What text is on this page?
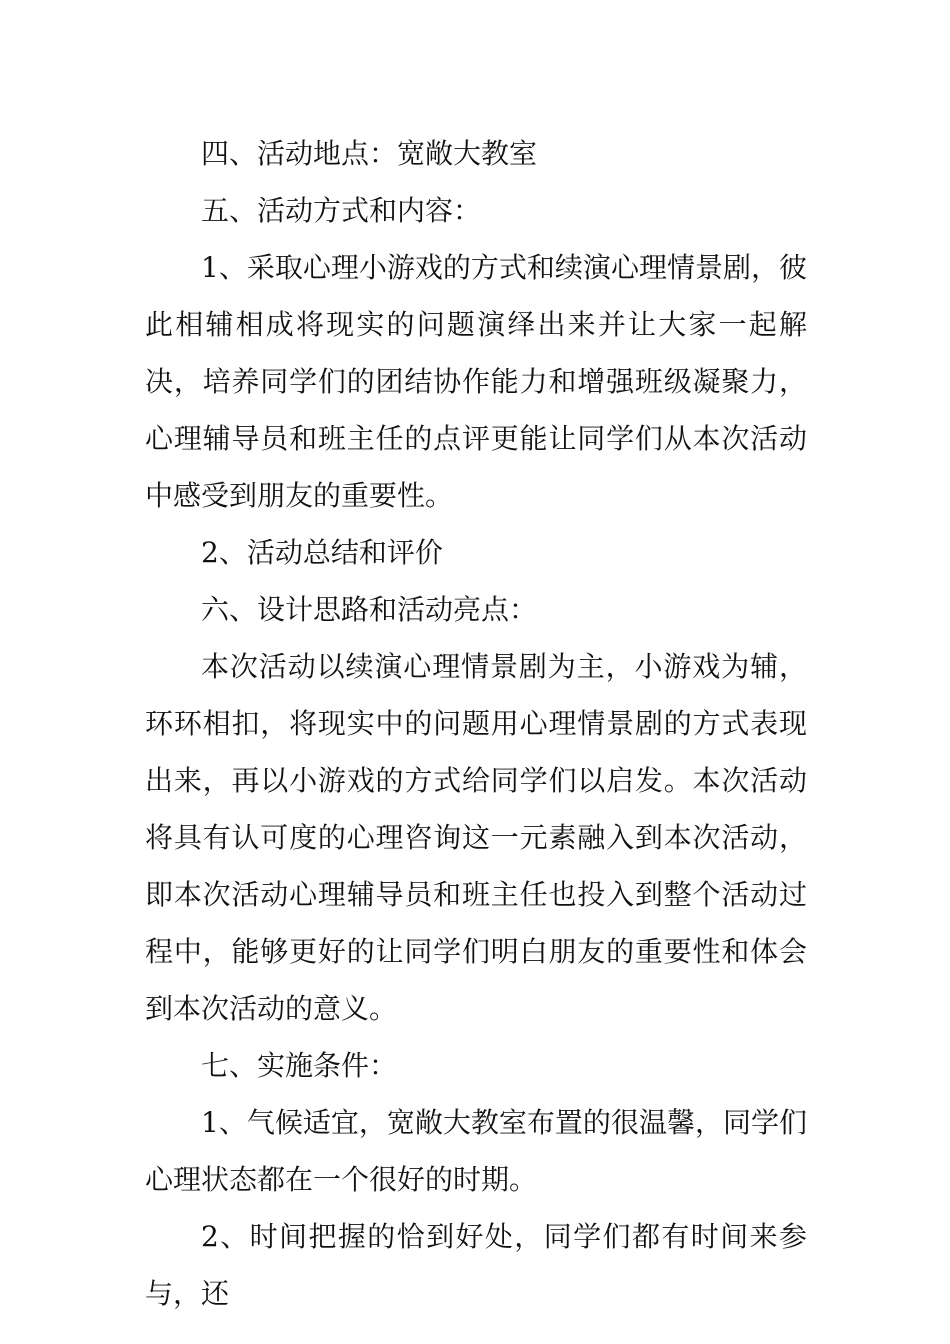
四、活动地点：宽敞大教室

五、活动方式和内容：

1、采取心理小游戏的方式和续演心理情景剧，彼此相辅相成将现实的问题演绎出来并让大家一起解决，培养同学们的团结协作能力和增强班级凝聚力，心理辅导员和班主任的点评更能让同学们从本次活动中感受到朋友的重要性。

2、活动总结和评价

六、设计思路和活动亮点：

本次活动以续演心理情景剧为主，小游戏为辅，环环相扣，将现实中的问题用心理情景剧的方式表现出来，再以小游戏的方式给同学们以启发。本次活动将具有认可度的心理咨询这一元素融入到本次活动，即本次活动心理辅导员和班主任也投入到整个活动过程中，能够更好的让同学们明白朋友的重要性和体会到本次活动的意义。

七、实施条件：

1、气候适宜，宽敞大教室布置的很温馨，同学们心理状态都在一个很好的时期。

2、时间把握的恰到好处，同学们都有时间来参与，还
